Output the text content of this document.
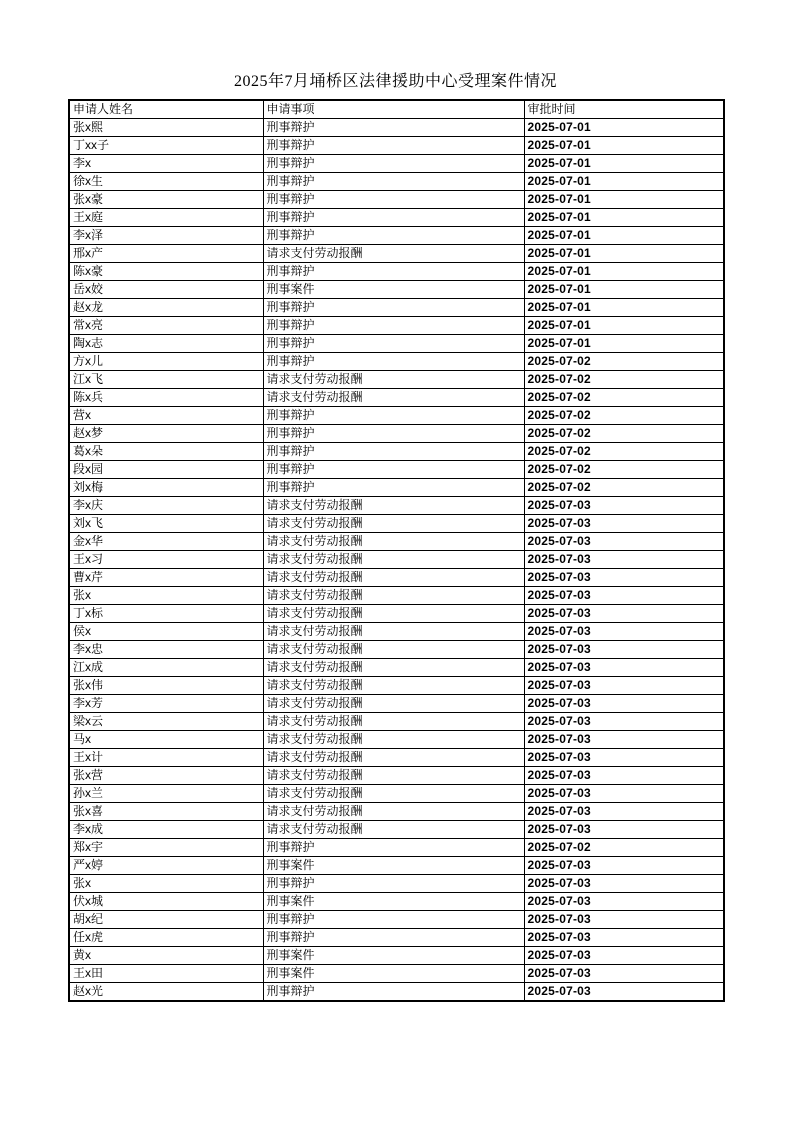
2025年7月埇桥区法律援助中心受理案件情况
申请人姓名	申请事项	审批时间
张x熙	刑事辩护	2025-07-01
丁xx子	刑事辩护	2025-07-01
李x	刑事辩护	2025-07-01
徐x生	刑事辩护	2025-07-01
张x豪	刑事辩护	2025-07-01
王x庭	刑事辩护	2025-07-01
李x泽	刑事辩护	2025-07-01
邢x产	请求支付劳动报酬	2025-07-01
陈x豪	刑事辩护	2025-07-01
岳x姣	刑事案件	2025-07-01
赵x龙	刑事辩护	2025-07-01
常x亮	刑事辩护	2025-07-01
陶x志	刑事辩护	2025-07-01
方x儿	刑事辩护	2025-07-02
江x飞	请求支付劳动报酬	2025-07-02
陈x兵	请求支付劳动报酬	2025-07-02
营x	刑事辩护	2025-07-02
赵x梦	刑事辩护	2025-07-02
葛x朵	刑事辩护	2025-07-02
段x园	刑事辩护	2025-07-02
刘x梅	刑事辩护	2025-07-02
李x庆	请求支付劳动报酬	2025-07-03
刘x飞	请求支付劳动报酬	2025-07-03
金x华	请求支付劳动报酬	2025-07-03
王x习	请求支付劳动报酬	2025-07-03
曹x芹	请求支付劳动报酬	2025-07-03
张x	请求支付劳动报酬	2025-07-03
丁x标	请求支付劳动报酬	2025-07-03
侯x	请求支付劳动报酬	2025-07-03
李x忠	请求支付劳动报酬	2025-07-03
江x成	请求支付劳动报酬	2025-07-03
张x伟	请求支付劳动报酬	2025-07-03
李x芳	请求支付劳动报酬	2025-07-03
梁x云	请求支付劳动报酬	2025-07-03
马x	请求支付劳动报酬	2025-07-03
王x计	请求支付劳动报酬	2025-07-03
张x营	请求支付劳动报酬	2025-07-03
孙x兰	请求支付劳动报酬	2025-07-03
张x喜	请求支付劳动报酬	2025-07-03
李x成	请求支付劳动报酬	2025-07-03
郑x宇	刑事辩护	2025-07-02
严x婷	刑事案件	2025-07-03
张x	刑事辩护	2025-07-03
伏x城	刑事案件	2025-07-03
胡x纪	刑事辩护	2025-07-03
任x虎	刑事辩护	2025-07-03
黄x	刑事案件	2025-07-03
王x田	刑事案件	2025-07-03
赵x光	刑事辩护	2025-07-03
